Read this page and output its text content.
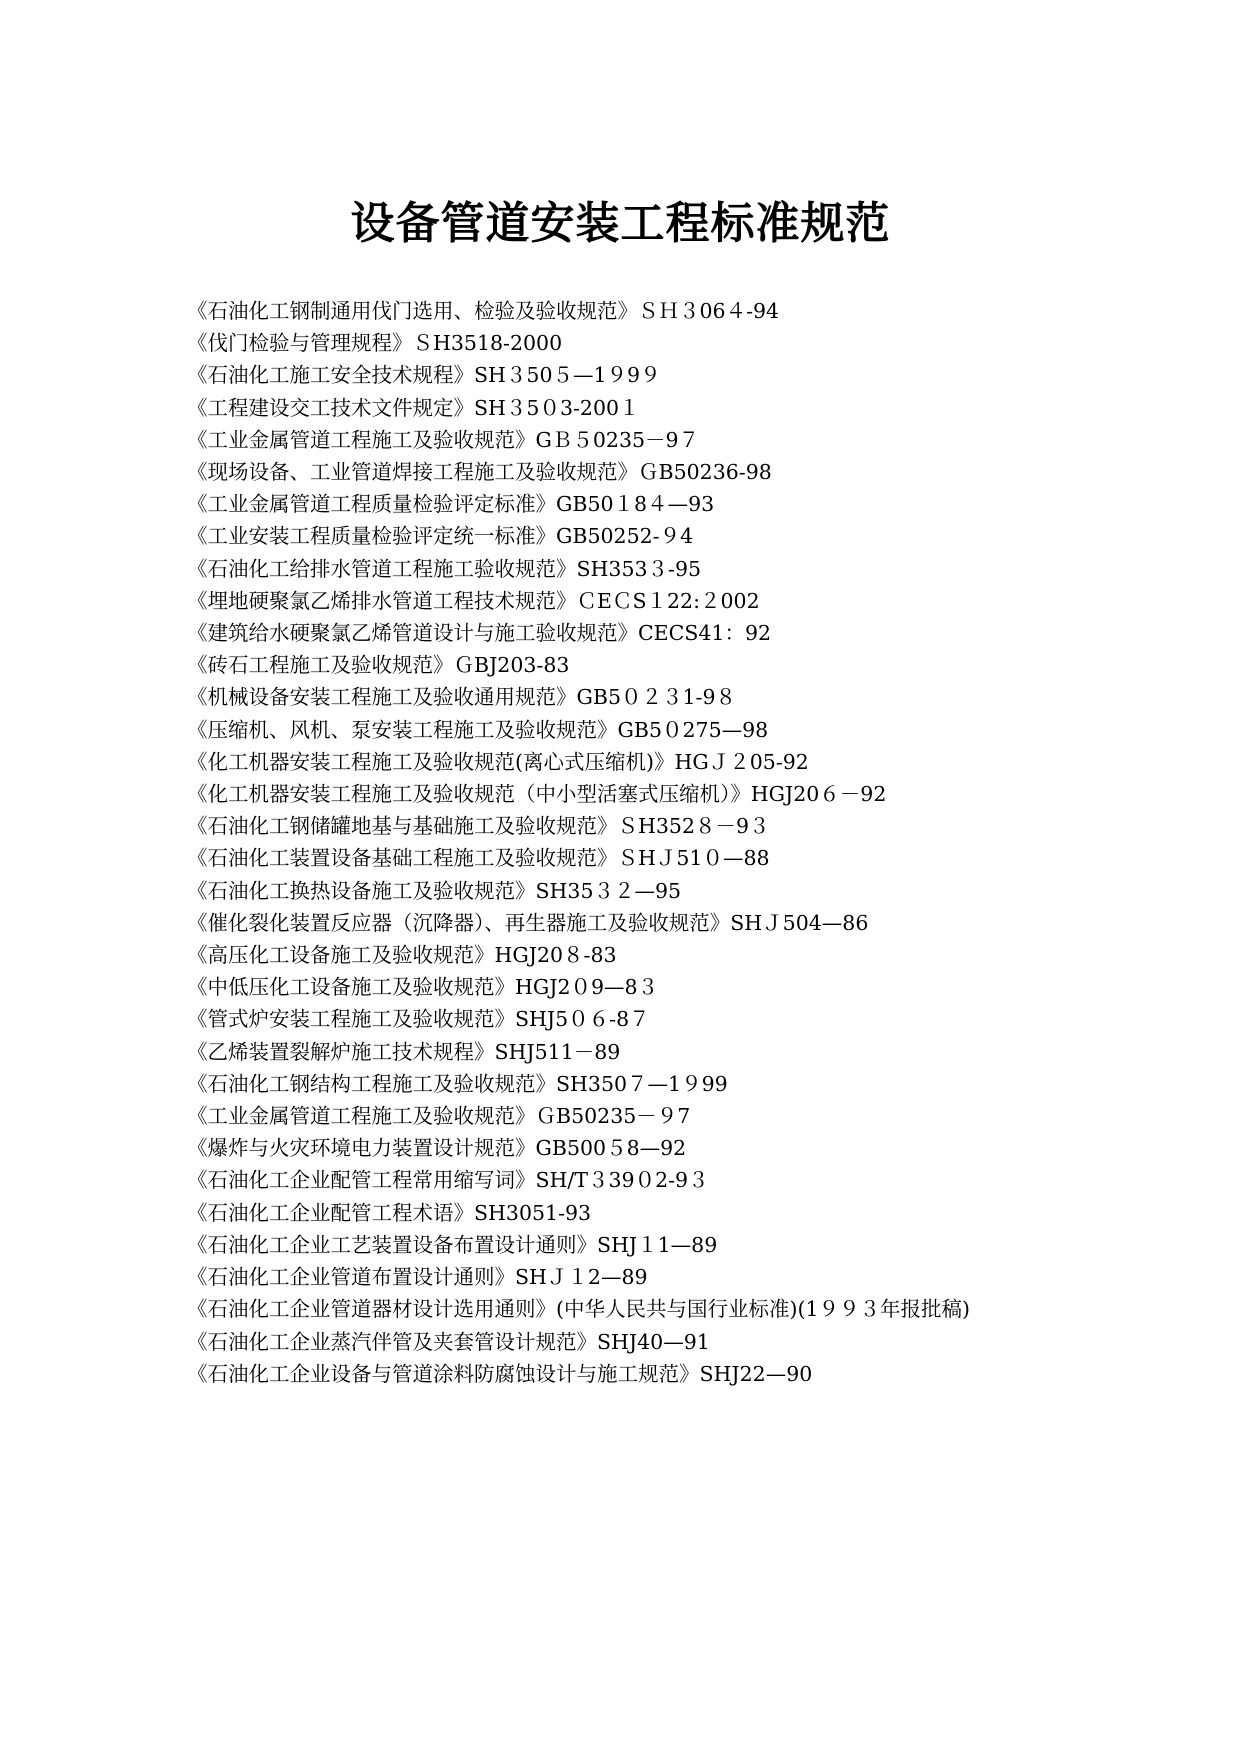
设备管道安装工程标准规范
《石油化工钢制通用伐门选用、检验及验收规范》ＳＨ３06４-94
《伐门检验与管理规程》ＳH3518-2000
《石油化工施工安全技术规程》SH３50５—1９9９
《工程建设交工技术文件规定》SH３5０3-200１
《工业金属管道工程施工及验收规范》GＢ５0235－9７
《现场设备、工业管道焊接工程施工及验收规范》ＧB50236-98
《工业金属管道工程质量检验评定标准》GB50１8４—93
《工业安装工程质量检验评定统一标准》GB50252-９4
《石油化工给排水管道工程施工验收规范》SH353３-95
《埋地硬聚氯乙烯排水管道工程技术规范》ＣEＣS１22:２002
《建筑给水硬聚氯乙烯管道设计与施工验收规范》CECS41：92
《砖石工程施工及验收规范》ＧBJ203-83
《机械设备安装工程施工及验收通用规范》GB5０２３1-9８
《压缩机、风机、泵安装工程施工及验收规范》GB5０275—98
《化工机器安装工程施工及验收规范(离心式压缩机)》HGＪ２05-92
《化工机器安装工程施工及验收规范（中小型活塞式压缩机）》HGJ20６－92
《石油化工钢储罐地基与基础施工及验收规范》ＳH352８－9３
《石油化工装置设备基础工程施工及验收规范》ＳHＪ51０—88
《石油化工换热设备施工及验收规范》SH35３２—95
《催化裂化装置反应器（沉降器）、再生器施工及验收规范》SHＪ504—86
《高压化工设备施工及验收规范》HGJ20８-83
《中低压化工设备施工及验收规范》HGJ2０9—8３
《管式炉安装工程施工及验收规范》SHJ5０６-8７
《乙烯装置裂解炉施工技术规程》SHJ511－89
《石油化工钢结构工程施工及验收规范》SH350７—1９99
《工业金属管道工程施工及验收规范》ＧB50235－９7
《爆炸与火灾环境电力装置设计规范》GB500５8—92
《石油化工企业配管工程常用缩写词》SH/T３39０2-9３
《石油化工企业配管工程术语》SH3051-93
《石油化工企业工艺装置设备布置设计通则》SHJ１1—89
《石油化工企业管道布置设计通则》SHＪ１2—89
《石油化工企业管道器材设计选用通则》(中华人民共与国行业标准)(1９９３年报批稿)
《石油化工企业蒸汽伴管及夹套管设计规范》SHJ40—91
《石油化工企业设备与管道涂料防腐蚀设计与施工规范》SHJ22—90
